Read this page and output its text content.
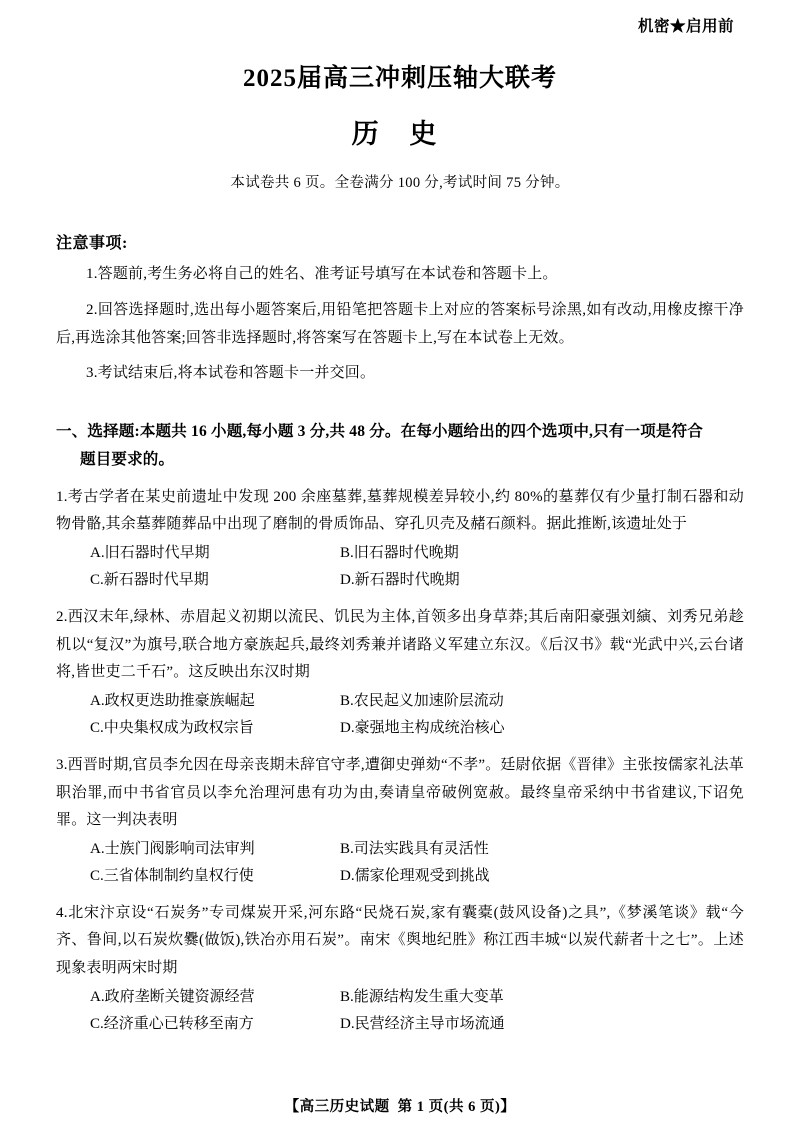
机密★启用前
2025届高三冲刺压轴大联考
历 史
本试卷共 6 页。全卷满分 100 分,考试时间 75 分钟。
注意事项:
1.答题前,考生务必将自己的姓名、准考证号填写在本试卷和答题卡上。
2.回答选择题时,选出每小题答案后,用铅笔把答题卡上对应的答案标号涂黑,如有改动,用橡皮擦干净后,再选涂其他答案;回答非选择题时,将答案写在答题卡上,写在本试卷上无效。
3.考试结束后,将本试卷和答题卡一并交回。
一、选择题:本题共 16 小题,每小题 3 分,共 48 分。在每小题给出的四个选项中,只有一项是符合
题目要求的。
1.考古学者在某史前遗址中发现 200 余座墓葬,墓葬规模差异较小,约 80%的墓葬仅有少量打制石器和动物骨骼,其余墓葬随葬品中出现了磨制的骨质饰品、穿孔贝壳及赭石颜料。据此推断,该遗址处于
A.旧石器时代早期	B.旧石器时代晚期
C.新石器时代早期	D.新石器时代晚期
2.西汉末年,绿林、赤眉起义初期以流民、饥民为主体,首领多出身草莽;其后南阳豪强刘縯、刘秀兄弟趁机以“复汉”为旗号,联合地方豪族起兵,最终刘秀兼并诸路义军建立东汉。《后汉书》载“光武中兴,云台诸将,皆世吏二千石”。这反映出东汉时期
A.政权更迭助推豪族崛起	B.农民起义加速阶层流动
C.中央集权成为政权宗旨	D.豪强地主构成统治核心
3.西晋时期,官员李允因在母亲丧期未辞官守孝,遭御史弹劾“不孝”。廷尉依据《晋律》主张按儒家礼法革职治罪,而中书省官员以李允治理河患有功为由,奏请皇帝破例宽赦。最终皇帝采纳中书省建议,下诏免罪。这一判决表明
A.士族门阀影响司法审判	B.司法实践具有灵活性
C.三省体制制约皇权行使	D.儒家伦理观受到挑战
4.北宋汴京设“石炭务”专司煤炭开采,河东路“民烧石炭,家有囊橐(鼓风设备)之具”,《梦溪笔谈》载“今齐、鲁间,以石炭炊爨(做饭),铁冶亦用石炭”。南宋《舆地纪胜》称江西丰城“以炭代薪者十之七”。上述现象表明两宋时期
A.政府垄断关键资源经营	B.能源结构发生重大变革
C.经济重心已转移至南方	D.民营经济主导市场流通
【高三历史试题 第 1 页(共 6 页)】
